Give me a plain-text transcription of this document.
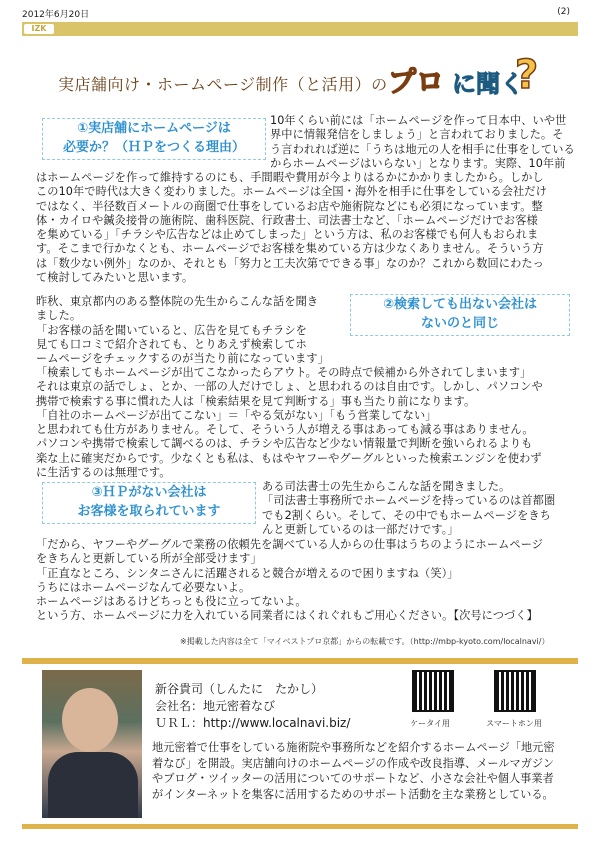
2012年6月20日	(2)
IZK
実店舗向け・ホームページ制作（と活用）の プロ に聞く
?
①実店舗にホームページは
必要か？（ＨＰをつくる理由）

10年くらい前には「ホームページを作って日本中、いや世

界中に情報発信をしましょう」と言われておりました。そ

う言われれば逆に「うちは地元の人を相手に仕事をしている

からホームページはいらない」となります。実際、10年前

はホームページを作って維持するのにも、手間暇や費用が今よりはるかにかかりましたから。しかし

この10年で時代は大きく変わりました。ホームページは全国・海外を相手に仕事をしている会社だけ

ではなく、半径数百メートルの商圏で仕事をしているお店や施術院などにも必須になっています。整

体・カイロや鍼灸接骨の施術院、歯科医院、行政書士、司法書士など、「ホームページだけでお客様

を集めている」「チラシや広告などは止めてしまった」という方は、私のお客様でも何人もおられま

す。そこまで行かなくとも、ホームページでお客様を集めている方は少なくありません。そういう方

は「数少ない例外」なのか、それとも「努力と工夫次第でできる事」なのか？これから数回にわたっ

て検討してみたいと思います。

昨秋、東京都内のある整体院の先生からこんな話を聞き

ました。

「お客様の話を聞いていると、広告を見てもチラシを

見ても口コミで紹介されても、とりあえず検索してホ

ームページをチェックするのが当たり前になっています」

②検索しても出ない会社は
ないのと同じ

「検索してもホームページが出てこなかったらアウト。その時点で候補から外されてしまいます」

それは東京の話でしょ、とか、一部の人だけでしょ、と思われるのは自由です。しかし、パソコンや

携帯で検索する事に慣れた人は「検索結果を見て判断する」事も当たり前になります。

「自社のホームページが出てこない」＝「やる気がない」「もう営業してない」

と思われても仕方がありません。そして、そういう人が増える事はあっても減る事はありません。

パソコンや携帯で検索して調べるのは、チラシや広告など少ない情報量で判断を強いられるよりも

楽な上に確実だからです。少なくとも私は、もはやヤフーやグーグルといった検索エンジンを使わず

に生活するのは無理です。

③ＨＰがない会社は
お客様を取られています

ある司法書士の先生からこんな話を聞きました。

「司法書士事務所でホームページを持っているのは首都圏

でも2割くらい。そして、その中でもホームページをきち

んと更新しているのは一部だけです。」

「だから、ヤフーやグーグルで業務の依頼先を調べている人からの仕事はうちのようにホームページ

をきちんと更新している所が全部受けます」

「正直なところ、シンタニさんに活躍されると競合が増えるので困りますね（笑）」

うちにはホームページなんて必要ないよ。

ホームページはあるけどちっとも役に立ってないよ。

という方、ホームページに力を入れている同業者にはくれぐれもご用心ください。【次号につづく】

※掲載した内容は全て「マイベストプロ京都」からの転載です。（http://mbp-kyoto.com/localnavi/）
新谷貴司（しんたに　たかし）
会社名：地元密着なび
ＵＲＬ：http://www.localnavi.biz/	ケータイ用	スマートホン用
地元密着で仕事をしている施術院や事務所などを紹介するホームページ「地元密
着なび」を開設。実店舗向けのホームページの作成や改良指導、メールマガジン
やブログ・ツイッターの活用についてのサポートなど、小さな会社や個人事業者
がインターネットを集客に活用するためのサポート活動を主な業務としている。
